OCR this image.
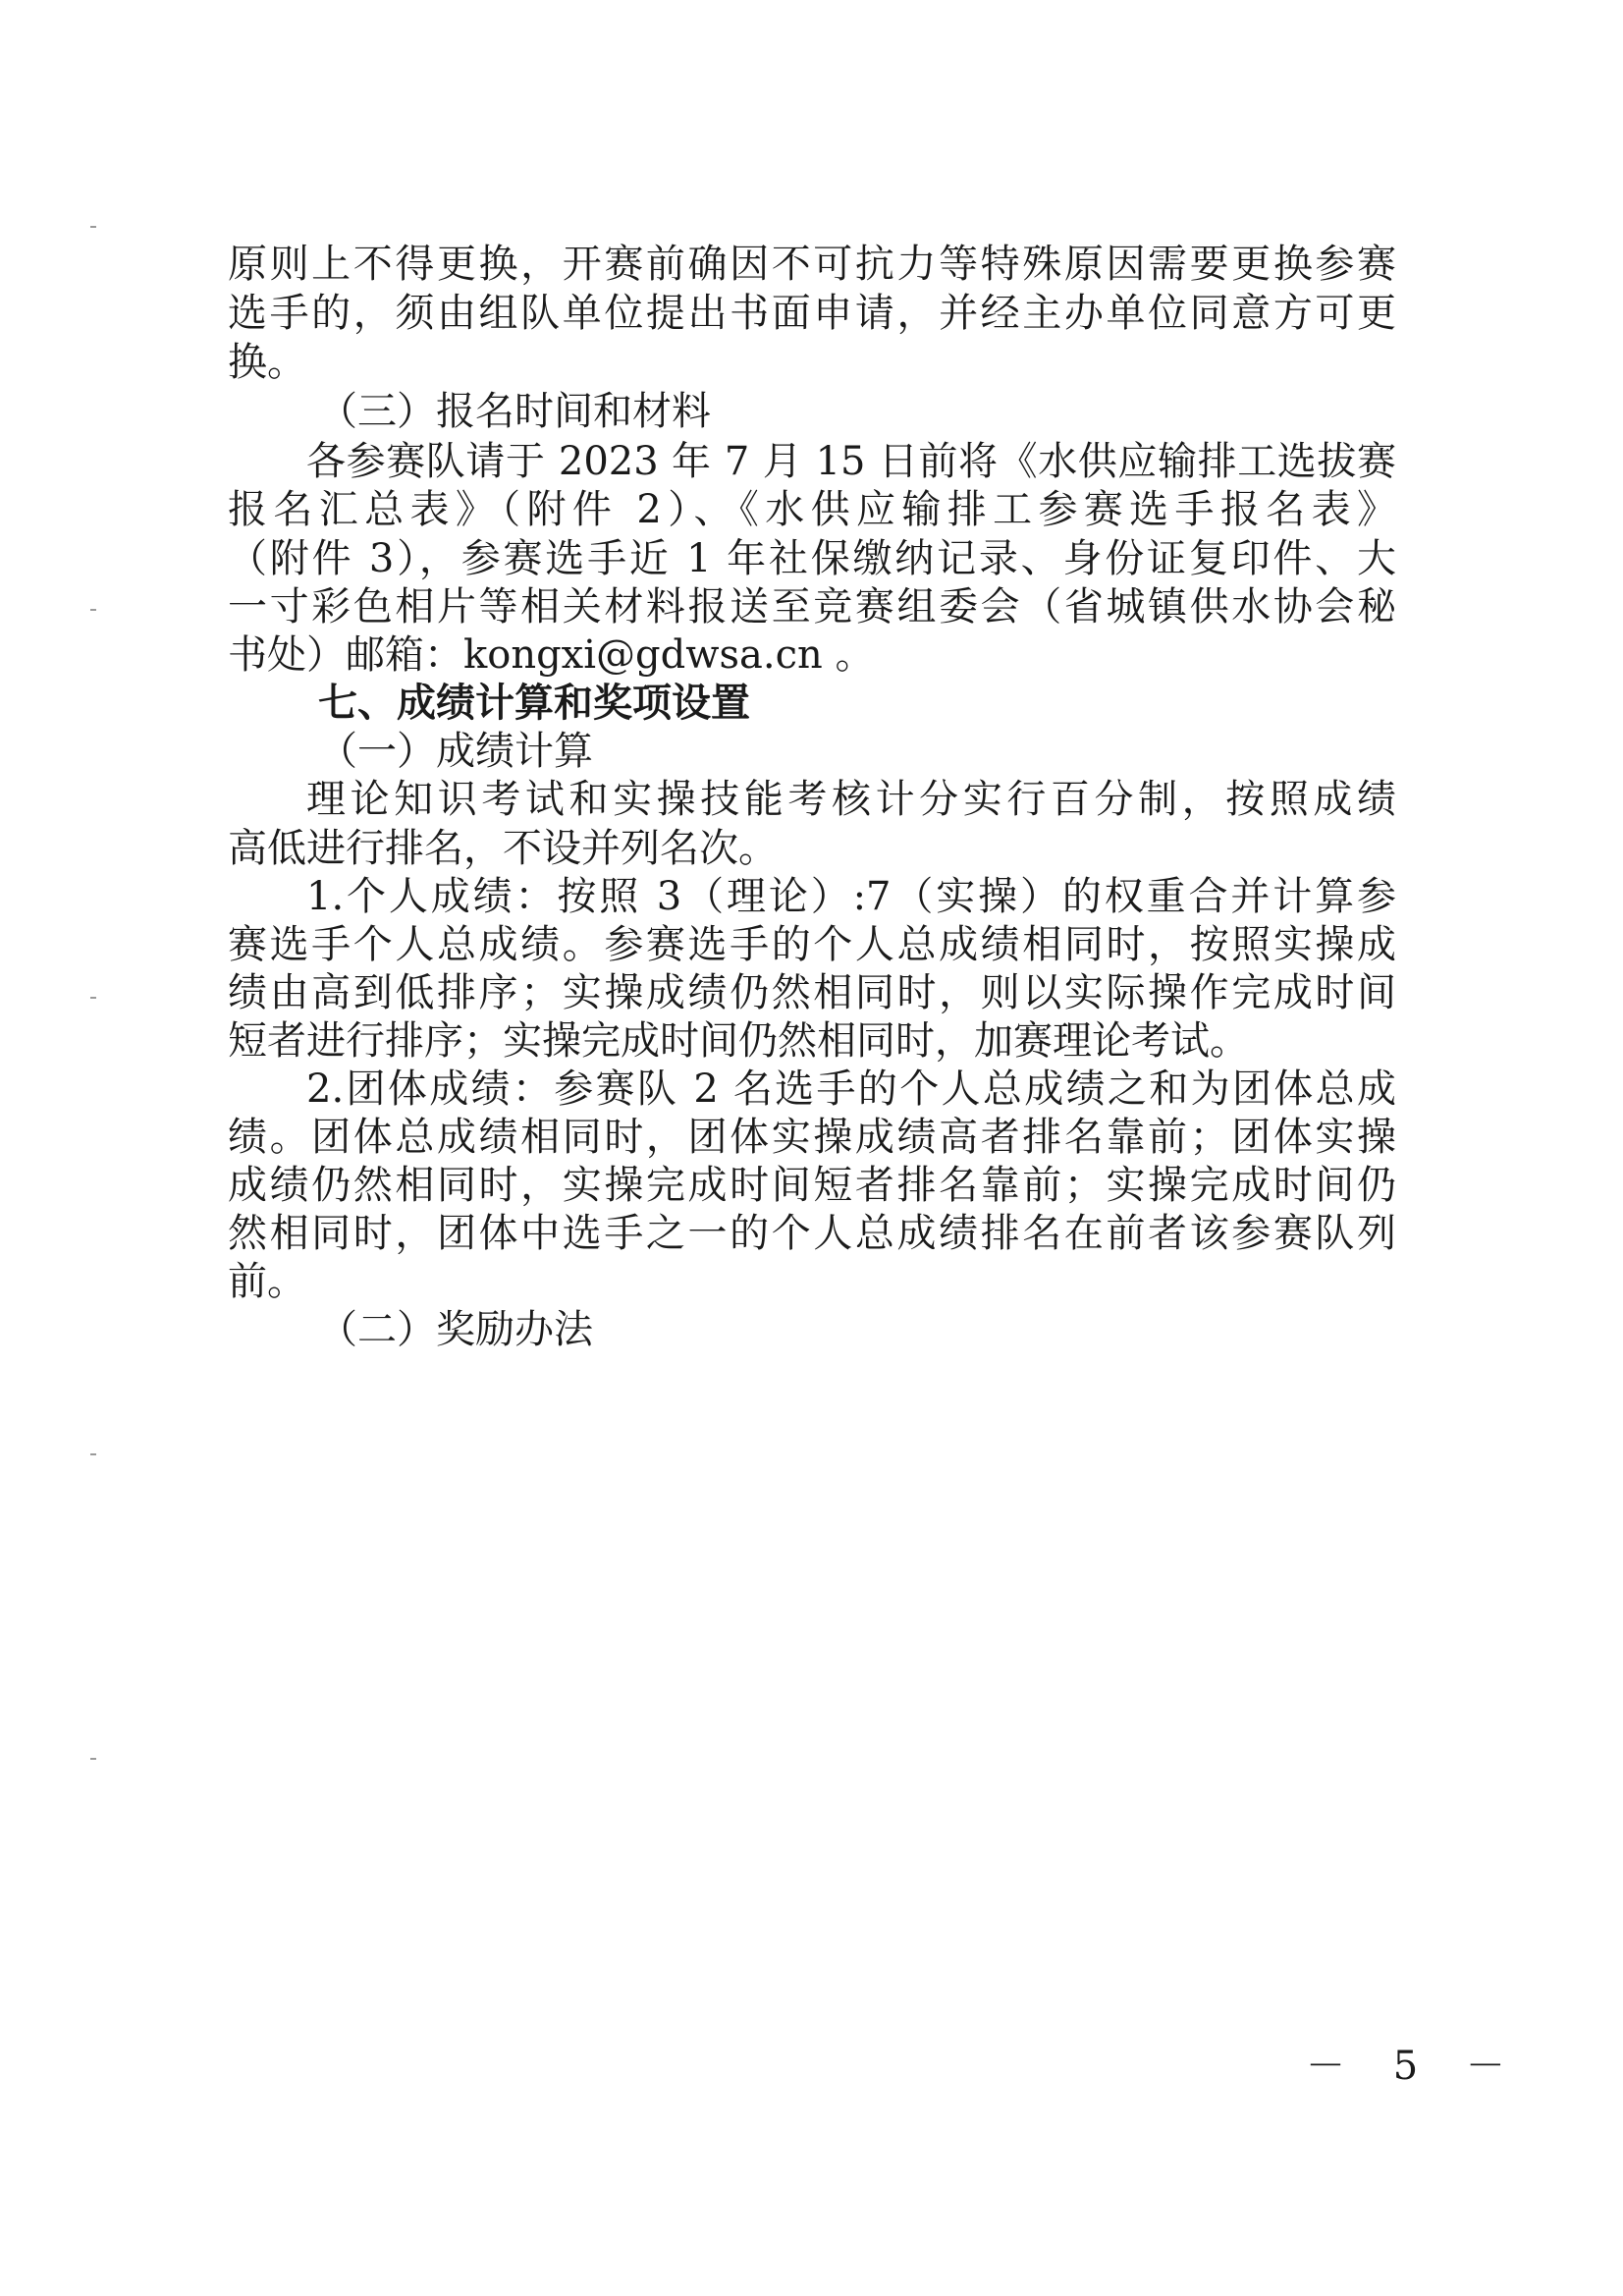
原则上不得更换，开赛前确因不可抗力等特殊原因需要更换参赛
选手的，须由组队单位提出书面申请，并经主办单位同意方可更
换。
（三）报名时间和材料
各参赛队请于 2023 年 7 月 15 日前将《水供应输排工选拔赛
报名汇总表》（附件 2）、《水供应输排工参赛选手报名表》
（附件 3），参赛选手近 1 年社保缴纳记录、身份证复印件、大
一寸彩色相片等相关材料报送至竞赛组委会（省城镇供水协会秘
书处）邮箱：kongxi@gdwsa.cn 。
七、成绩计算和奖项设置
（一）成绩计算
理论知识考试和实操技能考核计分实行百分制，按照成绩
高低进行排名，不设并列名次。
1.个人成绩：按照 3（理论）:7（实操）的权重合并计算参
赛选手个人总成绩。参赛选手的个人总成绩相同时，按照实操成
绩由高到低排序；实操成绩仍然相同时，则以实际操作完成时间
短者进行排序；实操完成时间仍然相同时，加赛理论考试。
2.团体成绩：参赛队 2 名选手的个人总成绩之和为团体总成
绩。团体总成绩相同时，团体实操成绩高者排名靠前；团体实操
成绩仍然相同时，实操完成时间短者排名靠前；实操完成时间仍
然相同时，团体中选手之一的个人总成绩排名在前者该参赛队列
前。
（二）奖励办法
－ 5 －
